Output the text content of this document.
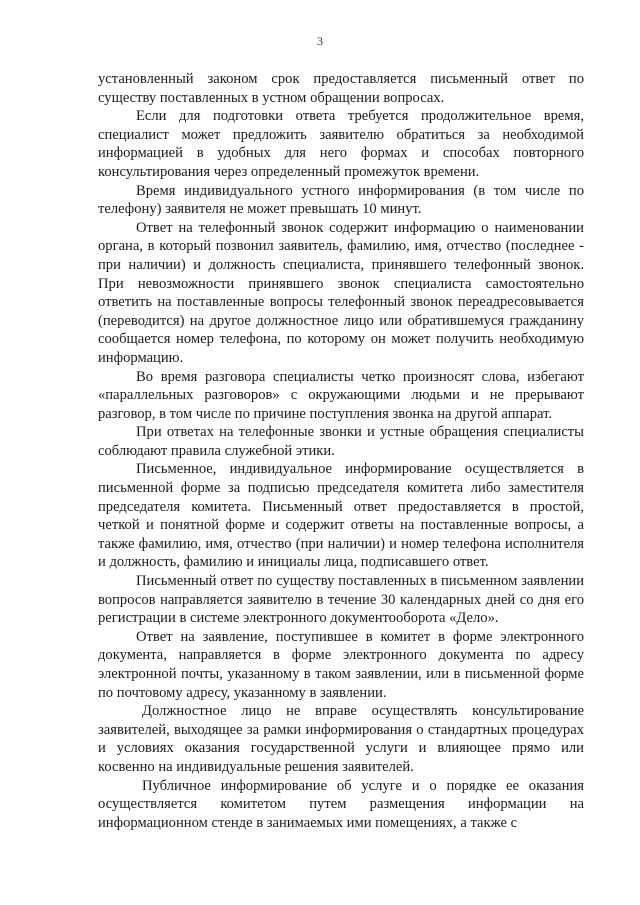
3

установленный законом срок предоставляется письменный ответ по существу поставленных в устном обращении вопросах.

Если для подготовки ответа требуется продолжительное время, специалист может предложить заявителю обратиться за необходимой информацией в удобных для него формах и способах повторного консультирования через определенный промежуток времени.

Время индивидуального устного информирования (в том числе по телефону) заявителя не может превышать 10 минут.

Ответ на телефонный звонок содержит информацию о наименовании органа, в который позвонил заявитель, фамилию, имя, отчество (последнее - при наличии) и должность специалиста, принявшего телефонный звонок. При невозможности принявшего звонок специалиста самостоятельно ответить на поставленные вопросы телефонный звонок переадресовывается (переводится) на другое должностное лицо или обратившемуся гражданину сообщается номер телефона, по которому он может получить необходимую информацию.

Во время разговора специалисты четко произносят слова, избегают «параллельных разговоров» с окружающими людьми и не прерывают разговор, в том числе по причине поступления звонка на другой аппарат.

При ответах на телефонные звонки и устные обращения специалисты соблюдают правила служебной этики.

Письменное, индивидуальное информирование осуществляется в письменной форме за подписью председателя комитета либо заместителя председателя комитета. Письменный ответ предоставляется в простой, четкой и понятной форме и содержит ответы на поставленные вопросы, а также фамилию, имя, отчество (при наличии) и номер телефона исполнителя и должность, фамилию и инициалы лица, подписавшего ответ.

Письменный ответ по существу поставленных в письменном заявлении вопросов направляется заявителю в течение 30 календарных дней со дня его регистрации в системе электронного документооборота «Дело».

Ответ на заявление, поступившее в комитет в форме электронного документа, направляется в форме электронного документа по адресу электронной почты, указанному в таком заявлении, или в письменной форме по почтовому адресу, указанному в заявлении.

Должностное лицо не вправе осуществлять консультирование заявителей, выходящее за рамки информирования о стандартных процедурах и условиях оказания государственной услуги и влияющее прямо или косвенно на индивидуальные решения заявителей.

Публичное информирование об услуге и о порядке ее оказания осуществляется комитетом путем размещения информации на информационном стенде в занимаемых ими помещениях, а также с
